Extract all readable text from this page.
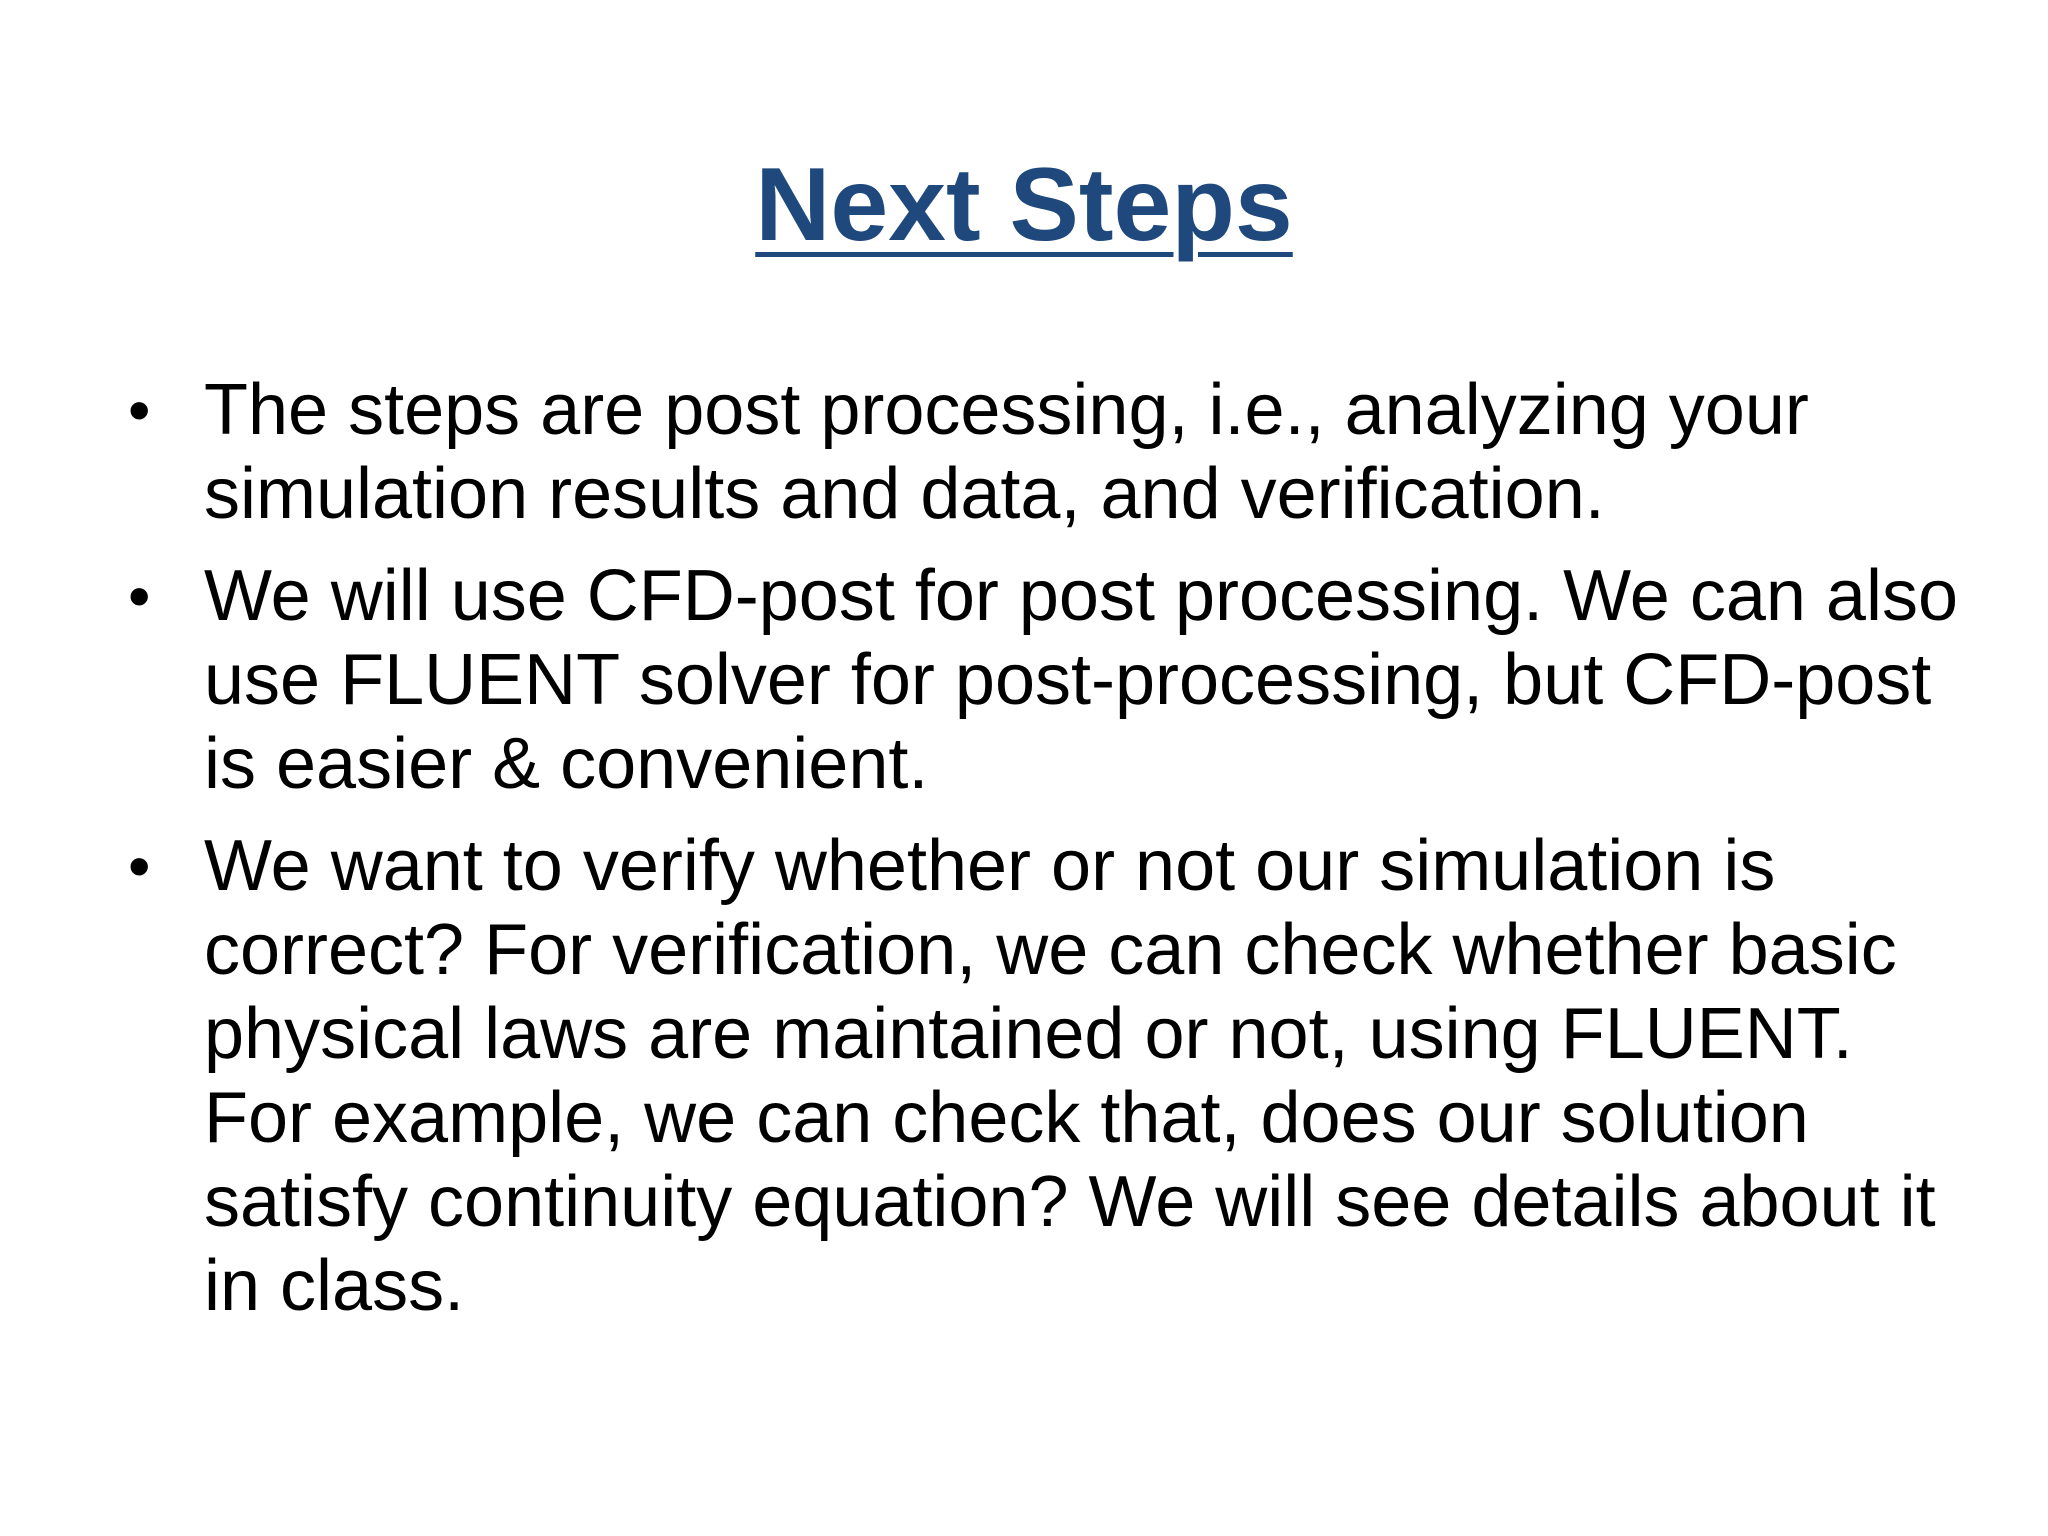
Next Steps
• The steps are post processing, i.e., analyzing your simulation results and data, and verification.
• We will use CFD-post for post processing. We can also use FLUENT solver for post-processing, but CFD-post is easier & convenient.
• We want to verify whether or not our simulation is correct? For verification, we can check whether basic physical laws are maintained or not, using FLUENT. For example, we can check that, does our solution satisfy continuity equation? We will see details about it in class.
